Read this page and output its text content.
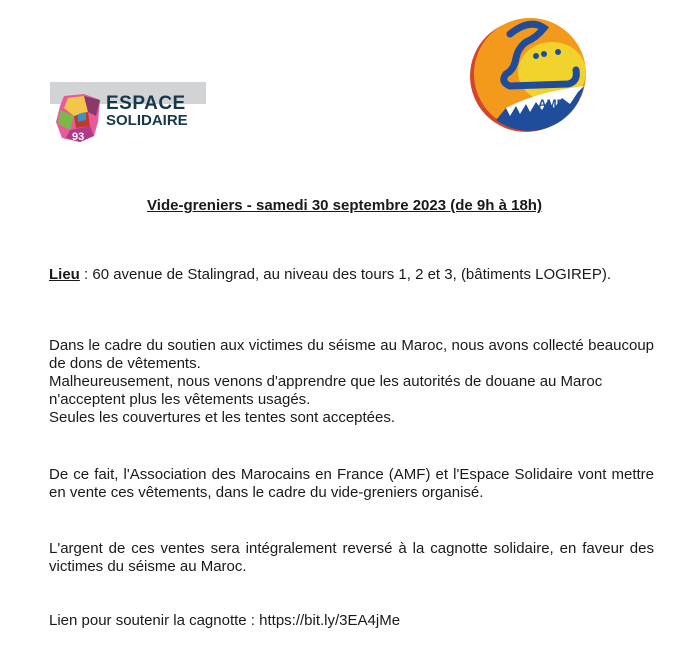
93
ESPACE
SOLIDAIRE
AMF
Vide-greniers - samedi 30 septembre 2023 (de 9h à 18h)
Lieu : 60 avenue de Stalingrad, au niveau des tours 1, 2 et 3, (bâtiments LOGIREP).
Dans le cadre du soutien aux victimes du séisme au Maroc, nous avons collecté beaucoup de dons de vêtements.
Malheureusement, nous venons d'apprendre que les autorités de douane au Maroc n'acceptent plus les vêtements usagés.
Seules les couvertures et les tentes sont acceptées.
De ce fait, l'Association des Marocains en France (AMF) et l'Espace Solidaire vont mettre en vente ces vêtements, dans le cadre du vide-greniers organisé.
L'argent de ces ventes sera intégralement reversé à la cagnotte solidaire, en faveur des victimes du séisme au Maroc.
Lien pour soutenir la cagnotte : https://bit.ly/3EA4jMe
